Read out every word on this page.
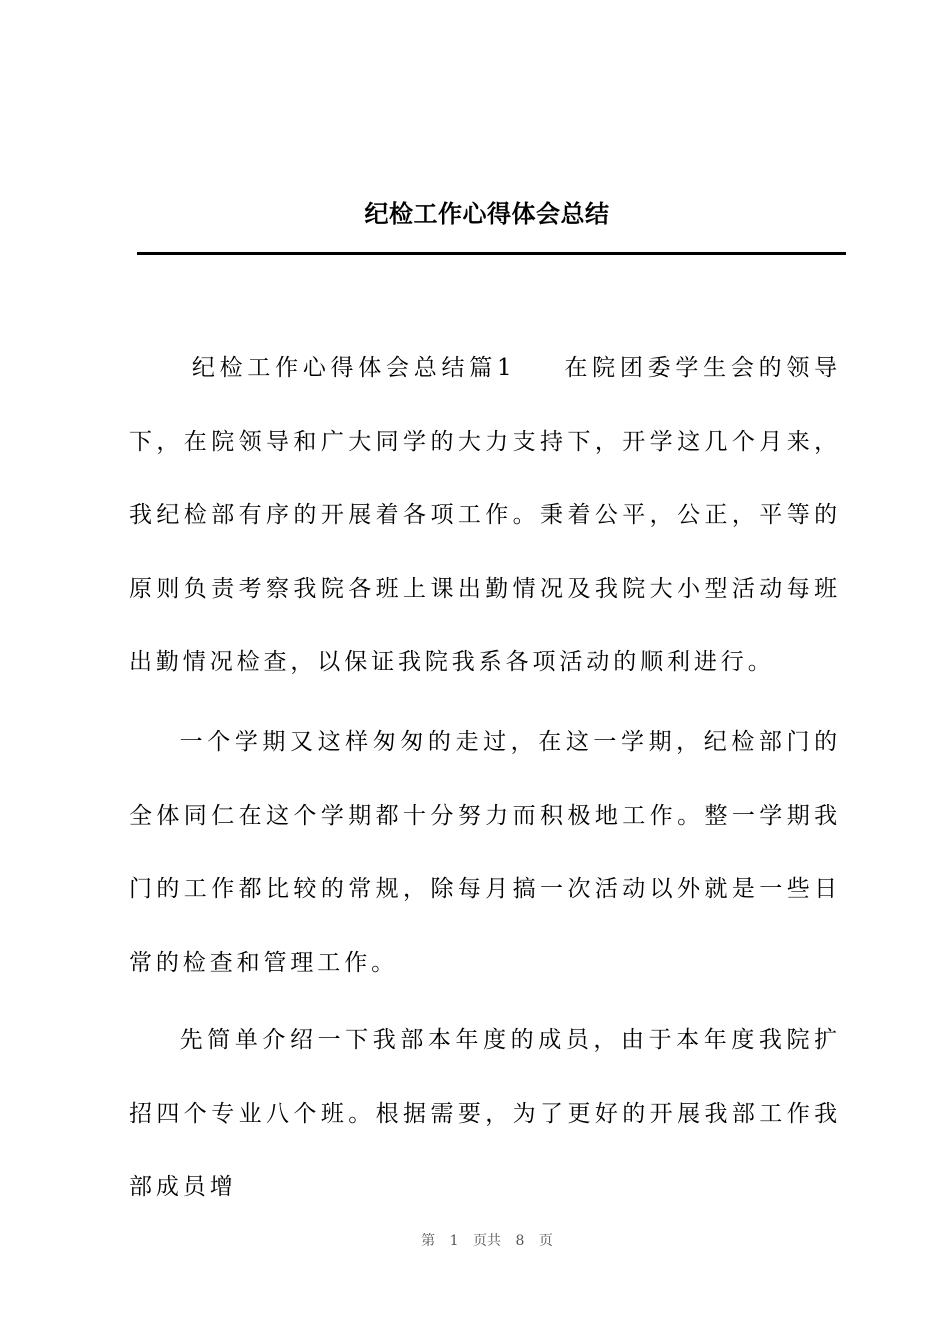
纪检工作心得体会总结
纪检工作心得体会总结篇1 在院团委学生会的领导下，在院领导和广大同学的大力支持下，开学这几个月来，我纪检部有序的开展着各项工作。秉着公平，公正，平等的原则负责考察我院各班上课出勤情况及我院大小型活动每班出勤情况检查，以保证我院我系各项活动的顺利进行。
一个学期又这样匆匆的走过，在这一学期，纪检部门的全体同仁在这个学期都十分努力而积极地工作。整一学期我门的工作都比较的常规，除每月搞一次活动以外就是一些日常的检查和管理工作。
先简单介绍一下我部本年度的成员，由于本年度我院扩招四个专业八个班。根据需要，为了更好的开展我部工作我部成员增
第 1 页共 8 页
